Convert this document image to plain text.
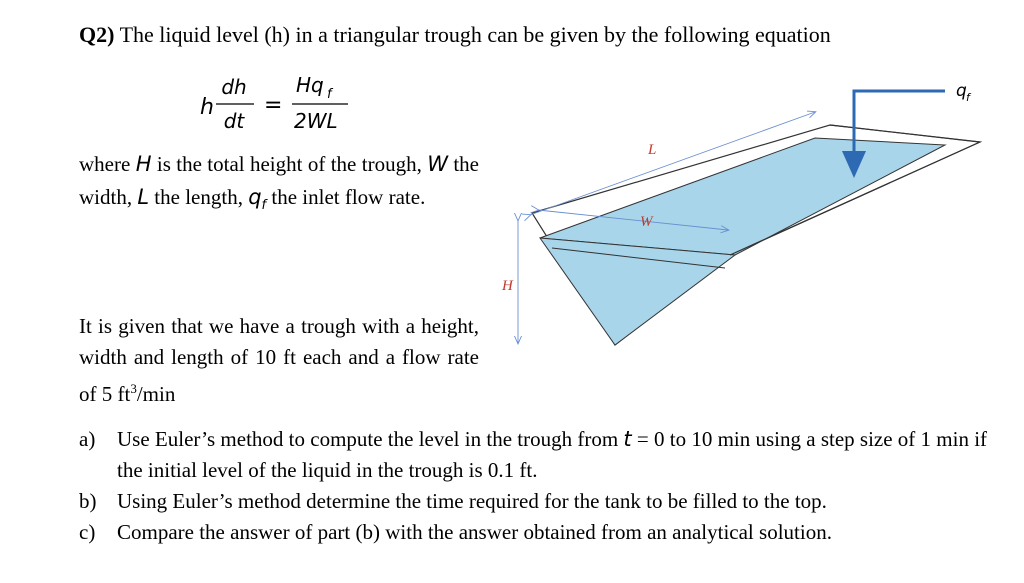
Q2) The liquid level (h) in a triangular trough can be given by the following equation
h
dh
dt
=
Hq f
2WL
where H is the total height of the trough, W the width, L the length, $q_f$ the inlet flow rate.
It is given that we have a trough with a height, width and length of 10 ft each and a flow rate of 5 $ft^3/\min$
L
W
H
q f
a)	Use Euler’s method to compute the level in the trough from t = 0 to 10 min using a step size of 1 min if the initial level of the liquid in the trough is 0.1 ft.
b) Using Euler’s method determine the time required for the tank to be filled to the top.
c)	Compare the answer of part (b) with the answer obtained from an analytical solution.
